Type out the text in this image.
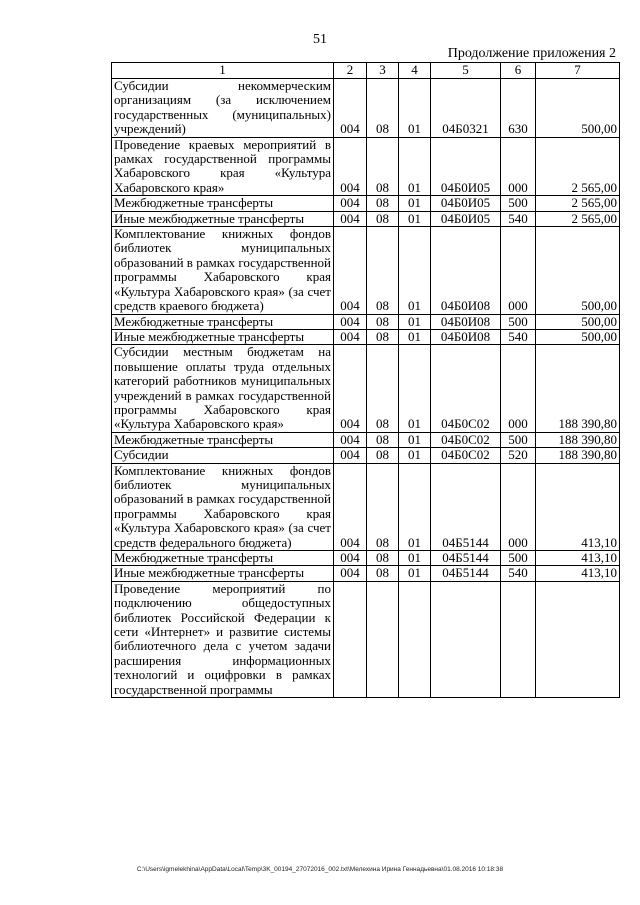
51
Продолжение приложения 2
1	2	3	4	5	6	7
Субсидии некоммерческим организациям (за исключением государственных (муниципальных) учреждений)	004	08	01	04Б0321	630	500,00
Проведение краевых мероприятий в рамках государственной программы Хабаровского края «Культура Хабаровского края»	004	08	01	04Б0И05	000	2 565,00
Межбюджетные трансферты	004	08	01	04Б0И05	500	2 565,00
Иные межбюджетные трансферты	004	08	01	04Б0И05	540	2 565,00
Комплектование книжных фондов библиотек муниципальных образований в рамках государственной программы Хабаровского края «Культура Хабаровского края» (за счет средств краевого бюджета)	004	08	01	04Б0И08	000	500,00
Межбюджетные трансферты	004	08	01	04Б0И08	500	500,00
Иные межбюджетные трансферты	004	08	01	04Б0И08	540	500,00
Субсидии местным бюджетам на повышение оплаты труда отдельных категорий работников муниципальных учреждений в рамках государственной программы Хабаровского края «Культура Хабаровского края»	004	08	01	04Б0С02	000	188 390,80
Межбюджетные трансферты	004	08	01	04Б0С02	500	188 390,80
Субсидии	004	08	01	04Б0С02	520	188 390,80
Комплектование книжных фондов библиотек муниципальных образований в рамках государственной программы Хабаровского края «Культура Хабаровского края» (за счет средств федерального бюджета)	004	08	01	04Б5144	000	413,10
Межбюджетные трансферты	004	08	01	04Б5144	500	413,10
Иные межбюджетные трансферты	004	08	01	04Б5144	540	413,10
Проведение мероприятий по подключению общедоступных библиотек Российской Федерации к сети «Интернет» и развитие системы библиотечного дела с учетом задачи расширения информационных технологий и оцифровки в рамках государственной программы						
C:\Users\igmelekhina\AppData\Local\Temp\3K_00194_27072016_002.txt\Мелехина Ирина Геннадьевна\01.08.2016 10:18:38
